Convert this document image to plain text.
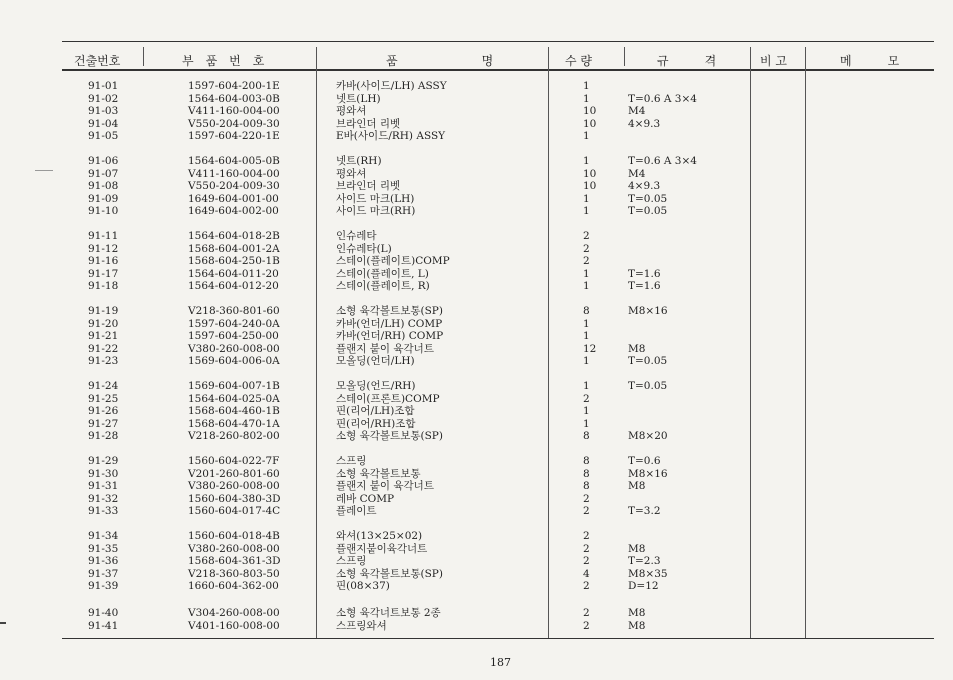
건출번호	부　품　번　호	품　　　　　　　명	수 량	규　　　격	비 고	메　　　모
91-01	1597-604-200-1E	카바(사이드/LH) ASSY	1
91-02	1564-604-003-0B	넷트(LH)	1	T=0.6 A 3×4
91-03	V411-160-004-00	평와셔	10	M4
91-04	V550-204-009-30	브라인더 리벳	10	4×9.3
91-05	1597-604-220-1E	E바(사이드/RH) ASSY	1
91-06	1564-604-005-0B	넷트(RH)	1	T=0.6 A 3×4
91-07	V411-160-004-00	평와셔	10	M4
91-08	V550-204-009-30	브라인더 리벳	10	4×9.3
91-09	1649-604-001-00	사이드 마크(LH)	1	T=0.05
91-10	1649-604-002-00	사이드 마크(RH)	1	T=0.05
91-11	1564-604-018-2B	인슈레타	2
91-12	1568-604-001-2A	인슈레타(L)	2
91-16	1568-604-250-1B	스테이(플레이트)COMP	2
91-17	1564-604-011-20	스테이(플레이트, L)	1	T=1.6
91-18	1564-604-012-20	스테이(플레이트, R)	1	T=1.6
91-19	V218-360-801-60	소형 육각볼트보통(SP)	8	M8×16
91-20	1597-604-240-0A	카바(언더/LH) COMP	1
91-21	1597-604-250-00	카바(언더/RH) COMP	1
91-22	V380-260-008-00	플랜지 붙이 육각너트	12	M8
91-23	1569-604-006-0A	모올딩(언더/LH)	1	T=0.05
91-24	1569-604-007-1B	모올딩(언드/RH)	1	T=0.05
91-25	1564-604-025-0A	스테이(프론트)COMP	2
91-26	1568-604-460-1B	핀(리어/LH)조합	1
91-27	1568-604-470-1A	핀(리어/RH)조합	1
91-28	V218-260-802-00	소형 육각볼트보통(SP)	8	M8×20
91-29	1560-604-022-7F	스프링	8	T=0.6
91-30	V201-260-801-60	소형 육각볼트보통	8	M8×16
91-31	V380-260-008-00	플랜지 붙이 육각너트	8	M8
91-32	1560-604-380-3D	레바 COMP	2
91-33	1560-604-017-4C	플레이트	2	T=3.2
91-34	1560-604-018-4B	와셔(13×25×02)	2
91-35	V380-260-008-00	플랜지붙이육각너트	2	M8
91-36	1568-604-361-3D	스프링	2	T=2.3
91-37	V218-360-803-50	소형 육각볼트보통(SP)	4	M8×35
91-39	1660-604-362-00	핀(08×37)	2	D=12
91-40	V304-260-008-00	소형 육각너트보통 2종	2	M8
91-41	V401-160-008-00	스프링와셔	2	M8
187
